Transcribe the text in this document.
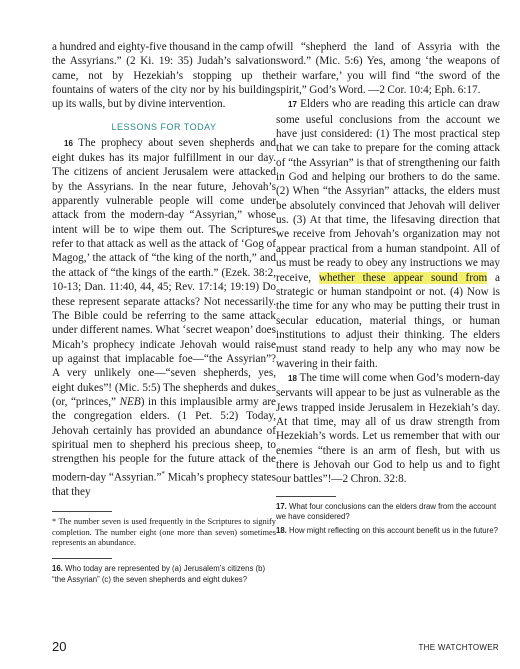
a hundred and eighty-five thousand in the camp of the Assyrians.” (2 Ki. 19: 35) Judah’s salvation came, not by Hezekiah’s stopping up the fountains of waters of the city nor by his building up its walls, but by divine intervention.

LESSONS FOR TODAY

16 The prophecy about seven shepherds and eight dukes has its major fulfillment in our day. The citizens of ancient Jerusalem were attacked by the Assyrians. In the near future, Jehovah’s apparently vulnerable people will come under attack from the modern-day “Assyrian,” whose intent will be to wipe them out. The Scriptures refer to that attack as well as the attack of ‘Gog of Magog,’ the attack of “the king of the north,” and the attack of “the kings of the earth.” (Ezek. 38:2, 10-13; Dan. 11:40, 44, 45; Rev. 17:14; 19:19) Do these represent separate attacks? Not necessarily. The Bible could be referring to the same attack under different names. What ‘secret weapon’ does Micah’s prophecy indicate Jehovah would raise up against that implacable foe—“the Assyrian”? A very unlikely one—“seven shepherds, yes, eight dukes”! (Mic. 5:5) The shepherds and dukes (or, “princes,” NEB) in this implausible army are the congregation elders. (1 Pet. 5:2) Today, Jehovah certainly has provided an abundance of spiritual men to shepherd his precious sheep, to strengthen his people for the future attack of the modern-day “Assyrian.”* Micah’s prophecy states that they

* The number seven is used frequently in the Scriptures to signify completion. The number eight (one more than seven) sometimes represents an abundance.

16. Who today are represented by (a) Jerusalem’s citizens (b) “the Assyrian” (c) the seven shepherds and eight dukes?

will “shepherd the land of Assyria with the sword.” (Mic. 5:6) Yes, among ‘the weapons of their warfare,’ you will find “the sword of the spirit,” God’s Word. —2 Cor. 10:4; Eph. 6:17.

17 Elders who are reading this article can draw some useful conclusions from the account we have just considered: (1) The most practical step that we can take to prepare for the coming attack of “the Assyrian” is that of strengthening our faith in God and helping our brothers to do the same. (2) When “the Assyrian” attacks, the elders must be absolutely convinced that Jehovah will deliver us. (3) At that time, the lifesaving direction that we receive from Jehovah’s organization may not appear practical from a human standpoint. All of us must be ready to obey any instructions we may receive, whether these appear sound from a strategic or human standpoint or not. (4) Now is the time for any who may be putting their trust in secular education, material things, or human institutions to adjust their thinking. The elders must stand ready to help any who may now be wavering in their faith.

18 The time will come when God’s modern-day servants will appear to be just as vulnerable as the Jews trapped inside Jerusalem in Hezekiah’s day. At that time, may all of us draw strength from Hezekiah’s words. Let us remember that with our enemies “there is an arm of flesh, but with us there is Jehovah our God to help us and to fight our battles”!—2 Chron. 32:8.

17. What four conclusions can the elders draw from the account we have considered?

18. How might reflecting on this account benefit us in the future?

20	THE WATCHTOWER
